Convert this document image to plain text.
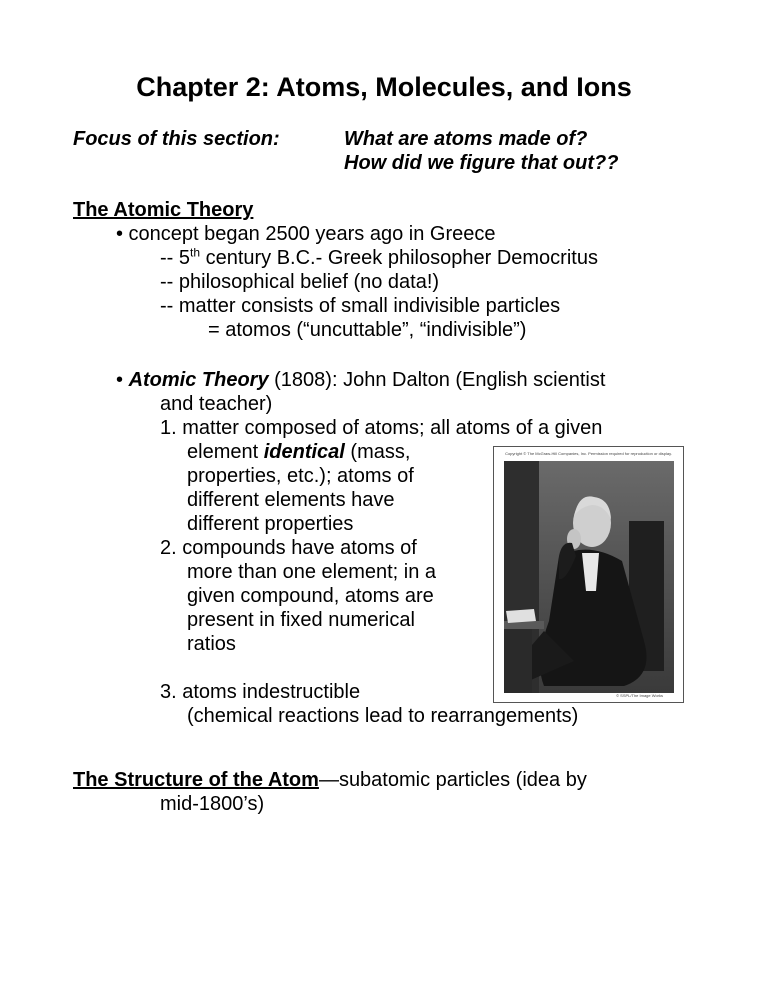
Chapter 2: Atoms, Molecules, and Ions
Focus of this section:	What are atoms made of?
How did we figure that out??
The Atomic Theory
• concept began 2500 years ago in Greece
-- 5th century B.C.- Greek philosopher Democritus
-- philosophical belief (no data!)
-- matter consists of small indivisible particles
= atomos (“uncuttable”, “indivisible”)
• Atomic Theory (1808): John Dalton (English scientist
and teacher)
1. matter composed of atoms; all atoms of a given
element identical (mass,
properties, etc.); atoms of
different elements have
different properties
2. compounds have atoms of
more than one element; in a
given compound, atoms are
present in fixed numerical
ratios
3. atoms indestructible
(chemical reactions lead to rearrangements)
Copyright © The McGraw-Hill Companies, Inc. Permission required for reproduction or display.
© SSPL/The Image Works
The Structure of the Atom—subatomic particles (idea by
mid-1800’s)
